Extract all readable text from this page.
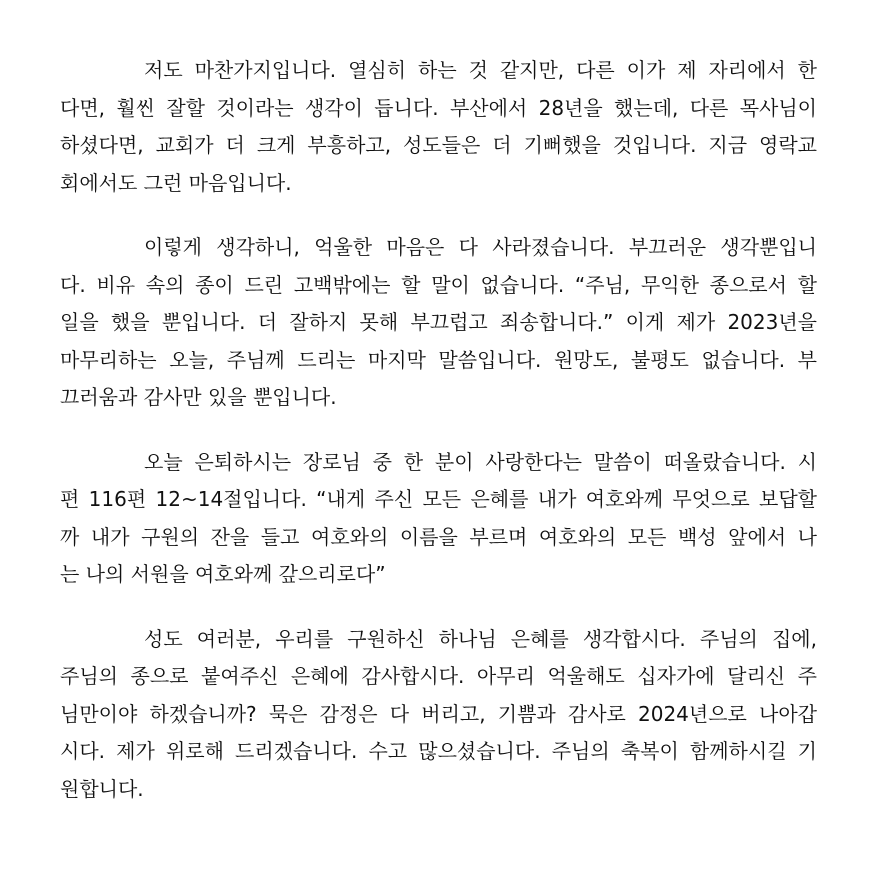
저도 마찬가지입니다. 열심히 하는 것 같지만, 다른 이가 제 자리에서 한
다면, 훨씬 잘할 것이라는 생각이 듭니다. 부산에서 28년을 했는데, 다른 목사님이
하셨다면, 교회가 더 크게 부흥하고, 성도들은 더 기뻐했을 것입니다. 지금 영락교
회에서도 그런 마음입니다.
이렇게 생각하니, 억울한 마음은 다 사라졌습니다. 부끄러운 생각뿐입니
다. 비유 속의 종이 드린 고백밖에는 할 말이 없습니다. “주님, 무익한 종으로서 할
일을 했을 뿐입니다. 더 잘하지 못해 부끄럽고 죄송합니다.” 이게 제가 2023년을
마무리하는 오늘, 주님께 드리는 마지막 말씀입니다. 원망도, 불평도 없습니다. 부
끄러움과 감사만 있을 뿐입니다.
오늘 은퇴하시는 장로님 중 한 분이 사랑한다는 말씀이 떠올랐습니다. 시
편 116편 12~14절입니다. “내게 주신 모든 은혜를 내가 여호와께 무엇으로 보답할
까 내가 구원의 잔을 들고 여호와의 이름을 부르며 여호와의 모든 백성 앞에서 나
는 나의 서원을 여호와께 갚으리로다”
성도 여러분, 우리를 구원하신 하나님 은혜를 생각합시다. 주님의 집에,
주님의 종으로 붙여주신 은혜에 감사합시다. 아무리 억울해도 십자가에 달리신 주
님만이야 하겠습니까? 묵은 감정은 다 버리고, 기쁨과 감사로 2024년으로 나아갑
시다. 제가 위로해 드리겠습니다. 수고 많으셨습니다. 주님의 축복이 함께하시길 기
원합니다.
